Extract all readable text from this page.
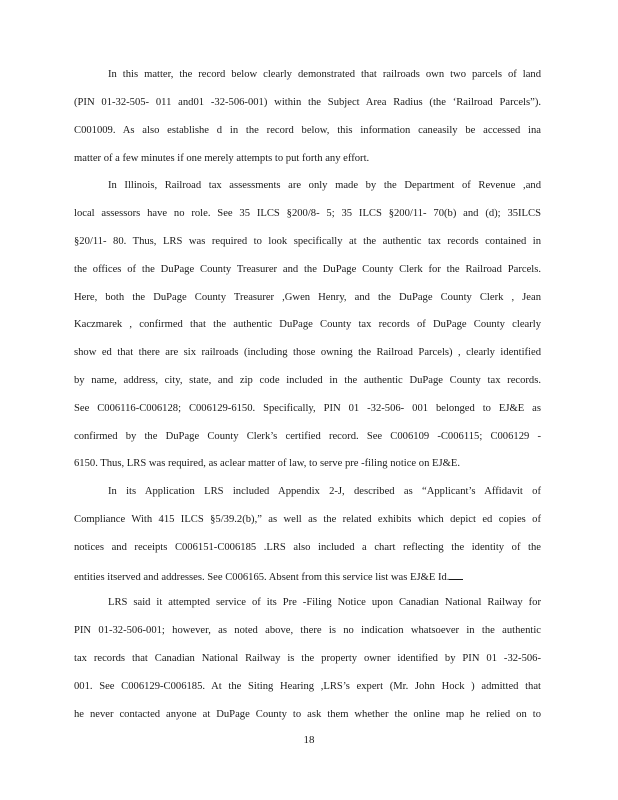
In this matter, the record below clearly demonstrated that railroads own two parcels of land
(PIN 01-32-505- 011 and01 -32-506-001) within the Subject Area Radius (the ‘Railroad Parcels”).
C001009. As also establishe d in the record below, this information caneasily be accessed ina
matter of a few minutes if one merely attempts to put forth any effort.
In Illinois, Railroad tax assessments are only made by the Department of Revenue ,and
local assessors have no role. See 35 ILCS §200/8- 5; 35 ILCS §200/11- 70(b) and (d); 35ILCS
§20/11- 80. Thus, LRS was required to look specifically at the authentic tax records contained in
the offices of the DuPage County Treasurer and the DuPage County Clerk for the Railroad Parcels.
Here, both the DuPage County Treasurer ,Gwen Henry, and the DuPage County Clerk , Jean
Kaczmarek , confirmed that the authentic DuPage County tax records of DuPage County clearly
show ed that there are six railroads (including those owning the Railroad Parcels) , clearly identified
by name, address, city, state, and zip code included in the authentic DuPage County tax records.
See C006116-C006128; C006129-6150. Specifically, PIN 01 -32-506- 001 belonged to EJ&E as
confirmed by the DuPage County Clerk’s certified record. See C006109 -C006115; C006129 -
6150. Thus, LRS was required, as aclear matter of law, to serve pre -filing notice on EJ&E.
In its Application LRS included Appendix 2-J, described as “Applicant’s Affidavit of
Compliance With 415 ILCS §5/39.2(b),” as well as the related exhibits which depict ed copies of
notices and receipts C006151-C006185 .LRS also included a chart reflecting the identity of the
entities itserved and addresses. See C006165. Absent from this service list was EJ&E Id.
LRS said it attempted service of its Pre -Filing Notice upon Canadian National Railway for
PIN 01-32-506-001; however, as noted above, there is no indication whatsoever in the authentic
tax records that Canadian National Railway is the property owner identified by PIN 01 -32-506-
001. See C006129-C006185. At the Siting Hearing ,LRS’s expert (Mr. John Hock ) admitted that
he never contacted anyone at DuPage County to ask them whether the online map he relied on to
18
